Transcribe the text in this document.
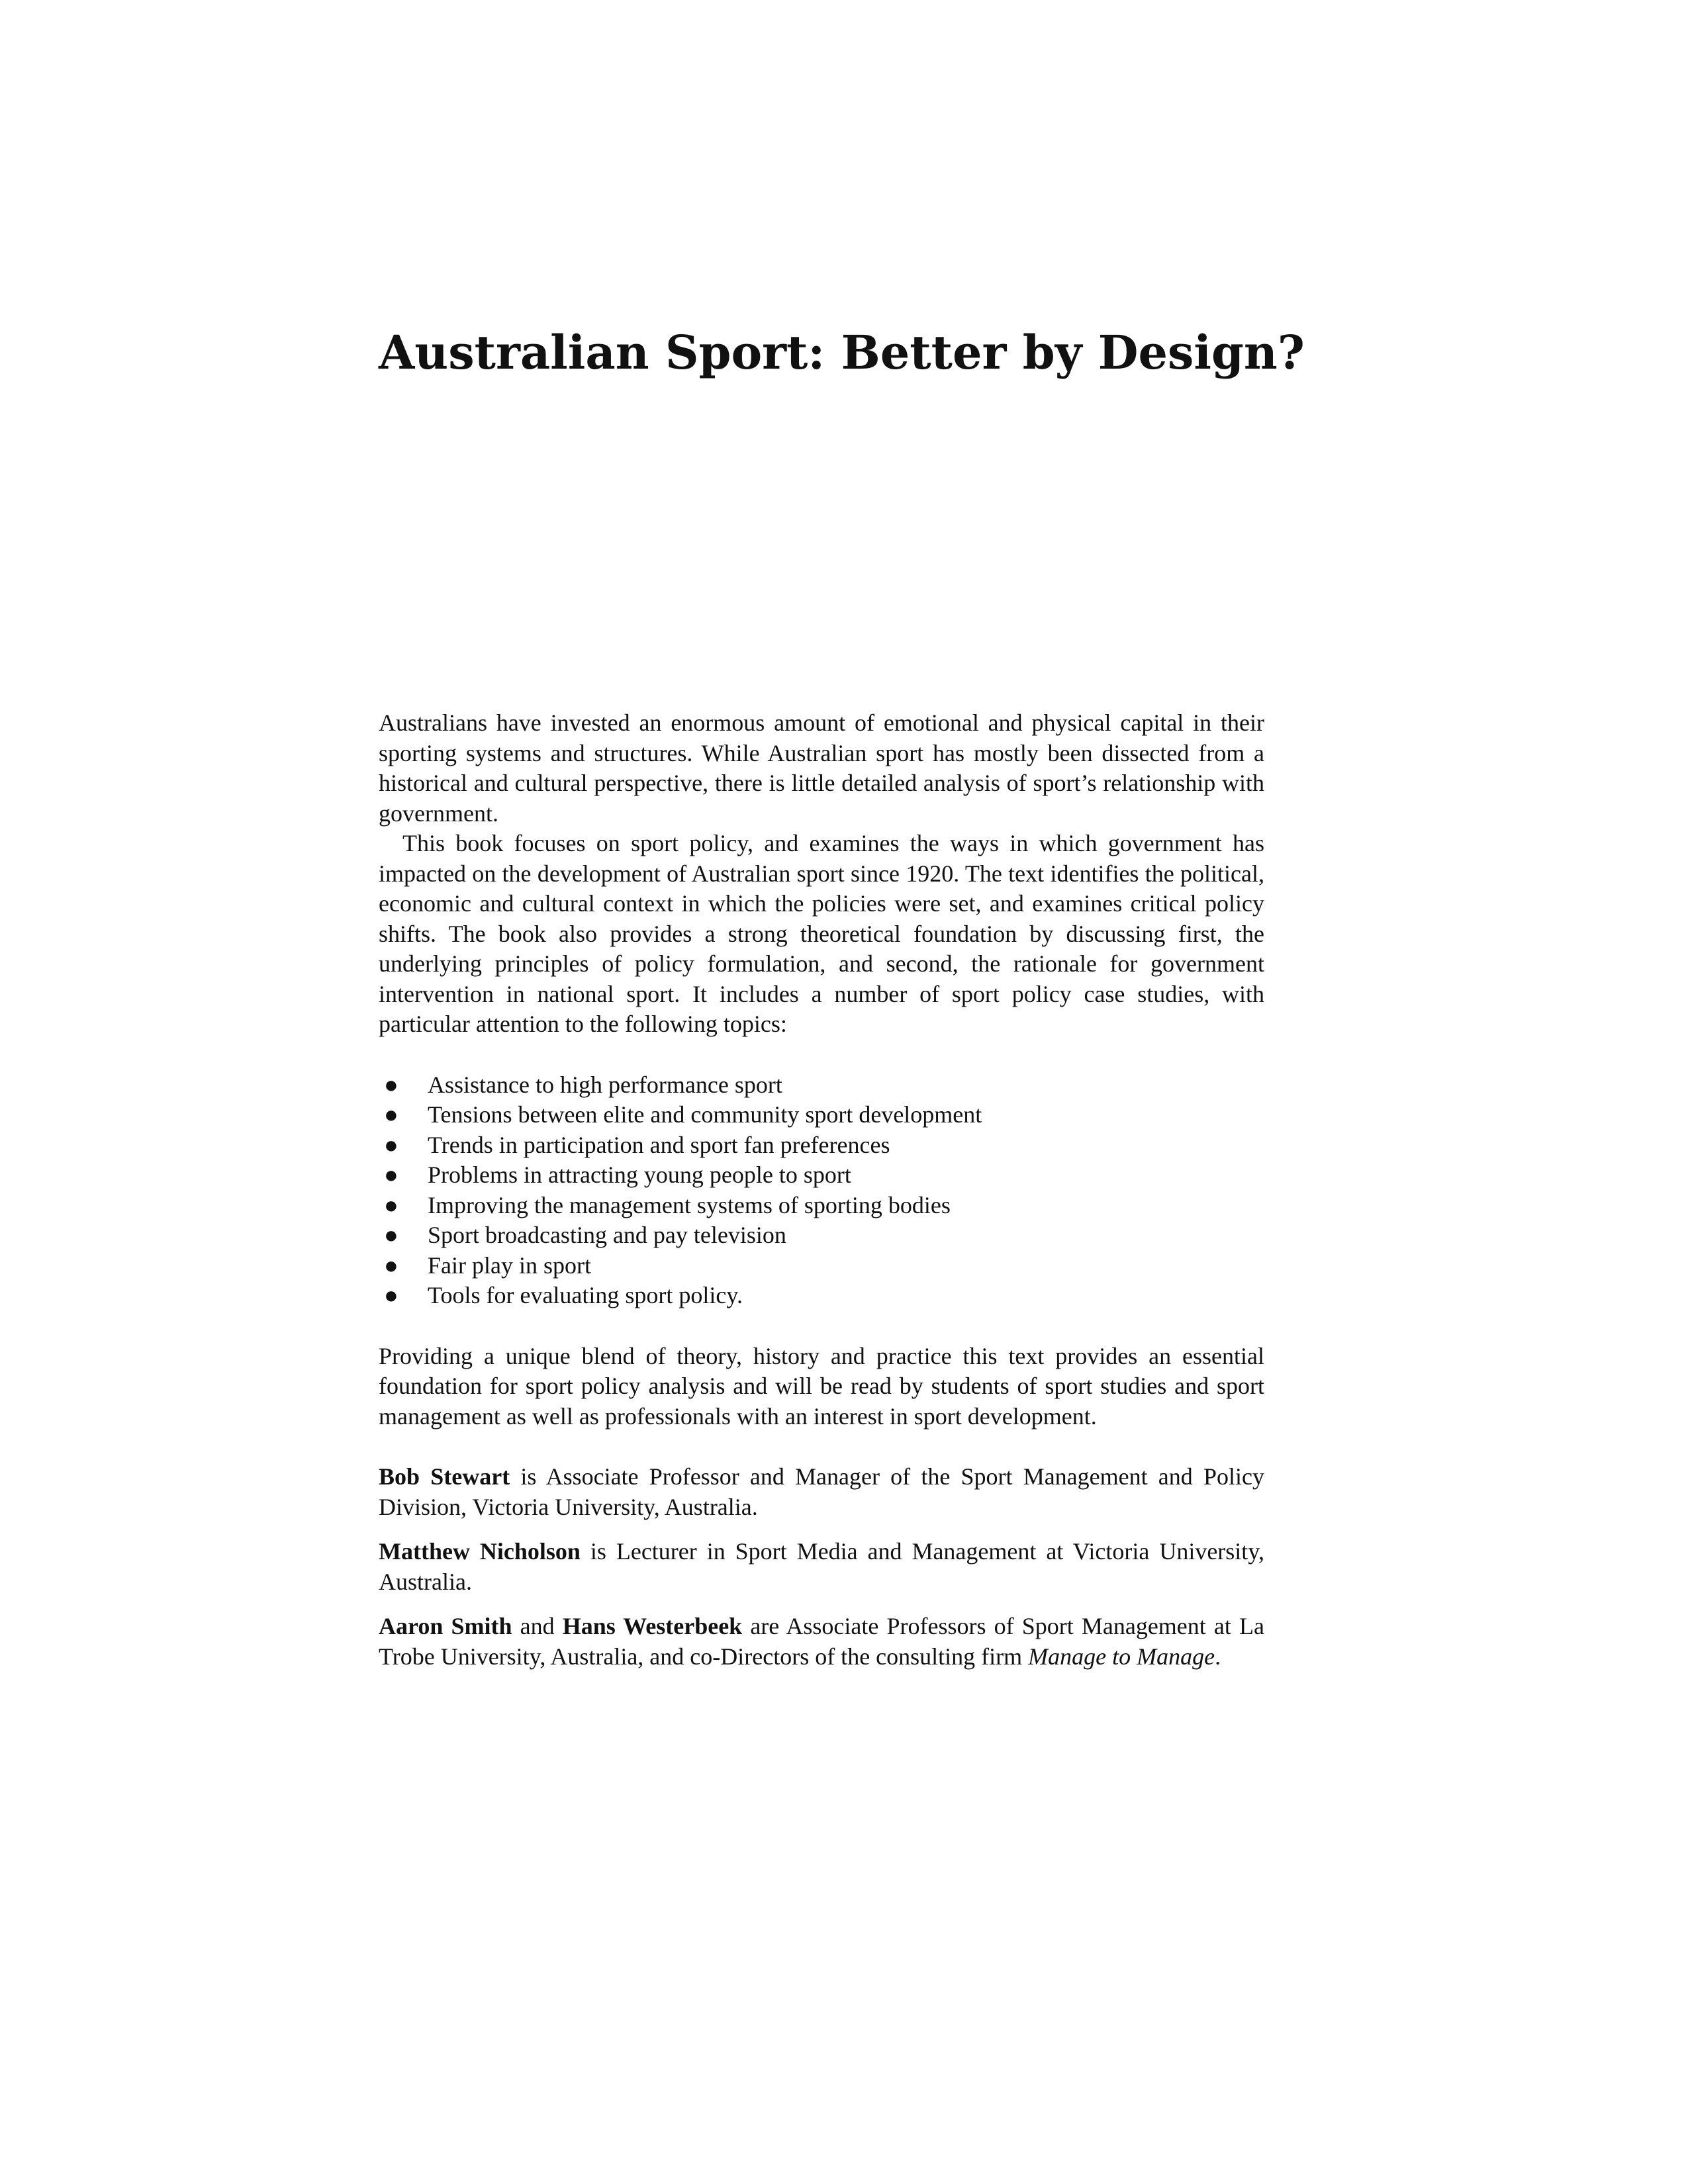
Australian Sport: Better by Design?

Australians have invested an enormous amount of emotional and physical capital in their sporting systems and structures. While Australian sport has mostly been dissected from a historical and cultural perspective, there is little detailed analysis of sport’s relationship with government.

This book focuses on sport policy, and examines the ways in which government has impacted on the development of Australian sport since 1920. The text identifies the political, economic and cultural context in which the policies were set, and examines critical policy shifts. The book also provides a strong theoretical foundation by discussing first, the underlying principles of policy formulation, and second, the rationale for government intervention in national sport. It includes a number of sport policy case studies, with particular attention to the following topics:

● Assistance to high performance sport
● Tensions between elite and community sport development
● Trends in participation and sport fan preferences
● Problems in attracting young people to sport
● Improving the management systems of sporting bodies
● Sport broadcasting and pay television
● Fair play in sport
● Tools for evaluating sport policy.

Providing a unique blend of theory, history and practice this text provides an essential foundation for sport policy analysis and will be read by students of sport studies and sport management as well as professionals with an interest in sport development.

Bob Stewart is Associate Professor and Manager of the Sport Management and Policy Division, Victoria University, Australia.

Matthew Nicholson is Lecturer in Sport Media and Management at Victoria University, Australia.

Aaron Smith and Hans Westerbeek are Associate Professors of Sport Management at La Trobe University, Australia, and co-Directors of the consulting firm Manage to Manage.
